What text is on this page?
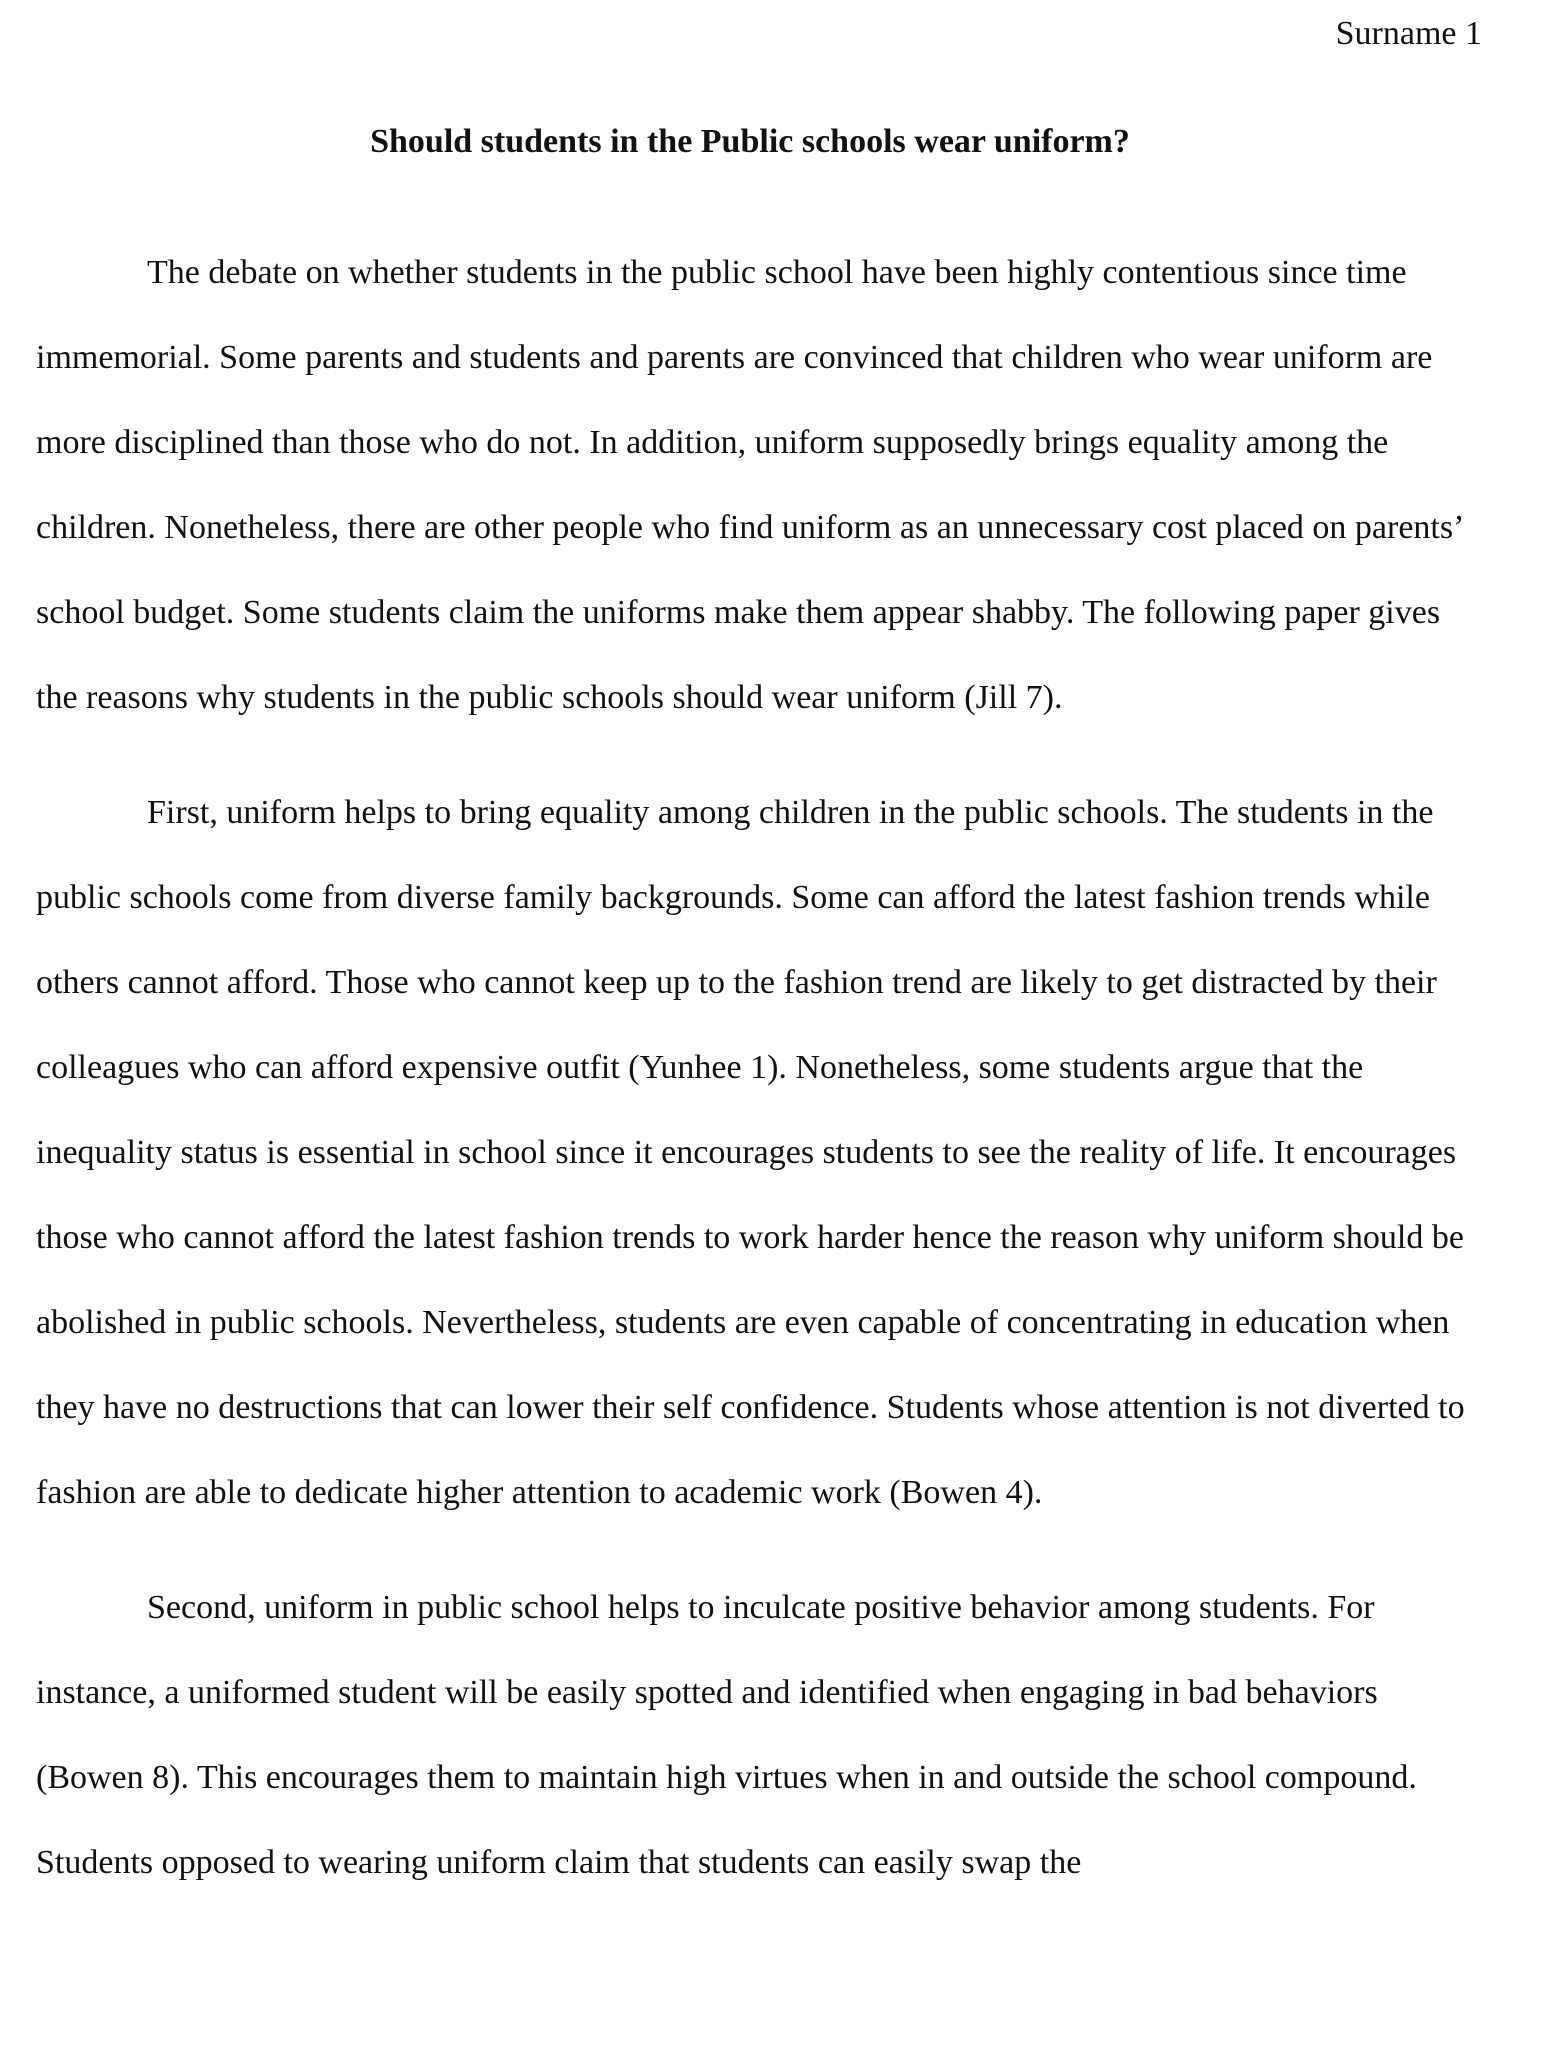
Surname 1
Should students in the Public schools wear uniform?

The debate on whether students in the public school have been highly contentious since time immemorial. Some parents and students and parents are convinced that children who wear uniform are more disciplined than those who do not. In addition, uniform supposedly brings equality among the children. Nonetheless, there are other people who find uniform as an unnecessary cost placed on parents’ school budget. Some students claim the uniforms make them appear shabby. The following paper gives the reasons why students in the public schools should wear uniform (Jill 7).

First, uniform helps to bring equality among children in the public schools. The students in the public schools come from diverse family backgrounds. Some can afford the latest fashion trends while others cannot afford. Those who cannot keep up to the fashion trend are likely to get distracted by their colleagues who can afford expensive outfit (Yunhee 1). Nonetheless, some students argue that the inequality status is essential in school since it encourages students to see the reality of life. It encourages those who cannot afford the latest fashion trends to work harder hence the reason why uniform should be abolished in public schools. Nevertheless, students are even capable of concentrating in education when they have no destructions that can lower their self confidence. Students whose attention is not diverted to fashion are able to dedicate higher attention to academic work (Bowen 4).

Second, uniform in public school helps to inculcate positive behavior among students. For instance, a uniformed student will be easily spotted and identified when engaging in bad behaviors (Bowen 8). This encourages them to maintain high virtues when in and outside the school compound. Students opposed to wearing uniform claim that students can easily swap the
